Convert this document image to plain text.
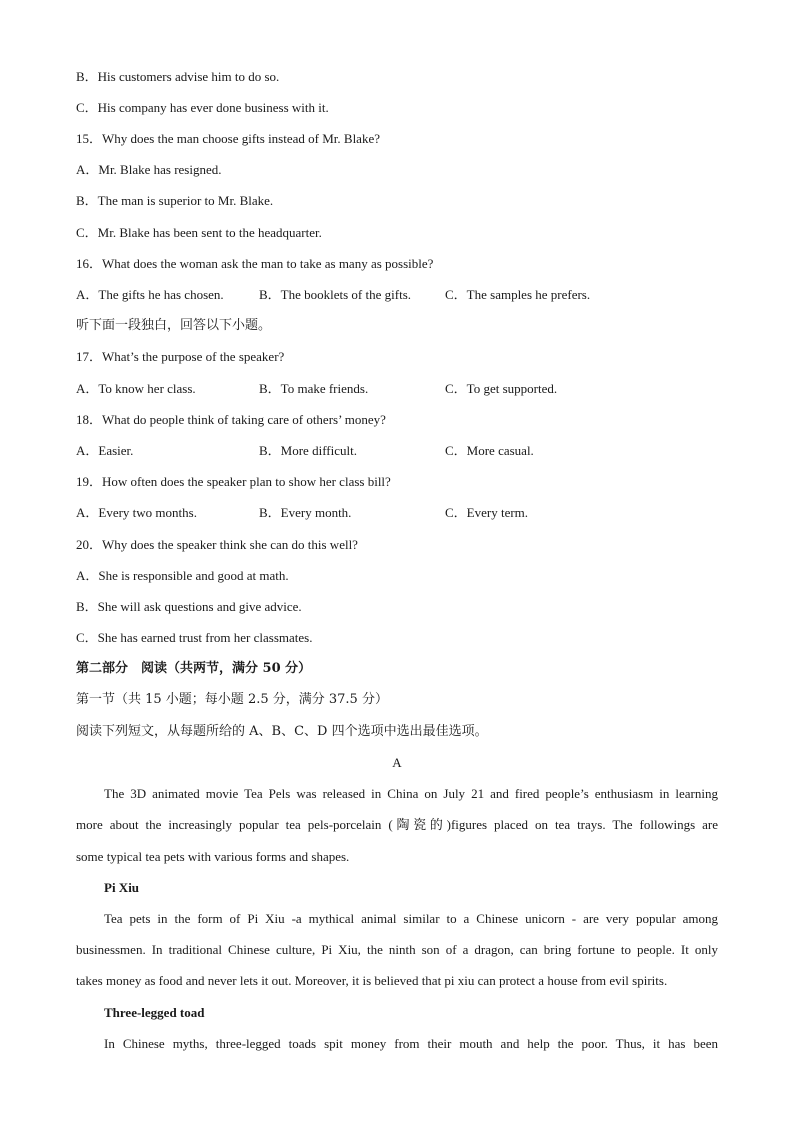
B．His customers advise him to do so.
C．His company has ever done business with it.
15．Why does the man choose gifts instead of Mr. Blake?
A．Mr. Blake has resigned.
B．The man is superior to Mr. Blake.
C．Mr. Blake has been sent to the headquarter.
16．What does the woman ask the man to take as many as possible?
A．The gifts he has chosen.	B．The booklets of the gifts.	C．The samples he prefers.
听下面一段独白，回答以下小题。
17．What’s the purpose of the speaker?
A．To know her class.	B．To make friends.	C．To get supported.
18．What do people think of taking care of others’ money?
A．Easier.	B．More difficult.	C．More casual.
19．How often does the speaker plan to show her class bill?
A．Every two months.	B．Every month.	C．Every term.
20．Why does the speaker think she can do this well?
A．She is responsible and good at math.
B．She will ask questions and give advice.
C．She has earned trust from her classmates.
第二部分　阅读（共两节，满分 50 分）
第一节（共 15 小题；每小题 2.5 分，满分 37.5 分）
阅读下列短文，从每题所给的 A、B、C、D 四个选项中选出最佳选项。
A
The 3D animated movie Tea Pels was released in China on July 21 and fired people’s enthusiasm in learning
more about the increasingly popular tea pels-porcelain (陶瓷的)figures placed on tea trays. The followings are
some typical tea pets with various forms and shapes.
Pi Xiu
Tea pets in the form of Pi Xiu -a mythical animal similar to a Chinese unicorn - are very popular among
businessmen. In traditional Chinese culture, Pi Xiu, the ninth son of a dragon, can bring fortune to people. It only
takes money as food and never lets it out. Moreover, it is believed that pi xiu can protect a house from evil spirits.
Three-legged toad
In Chinese myths, three-legged toads spit money from their mouth and help the poor. Thus, it has been
